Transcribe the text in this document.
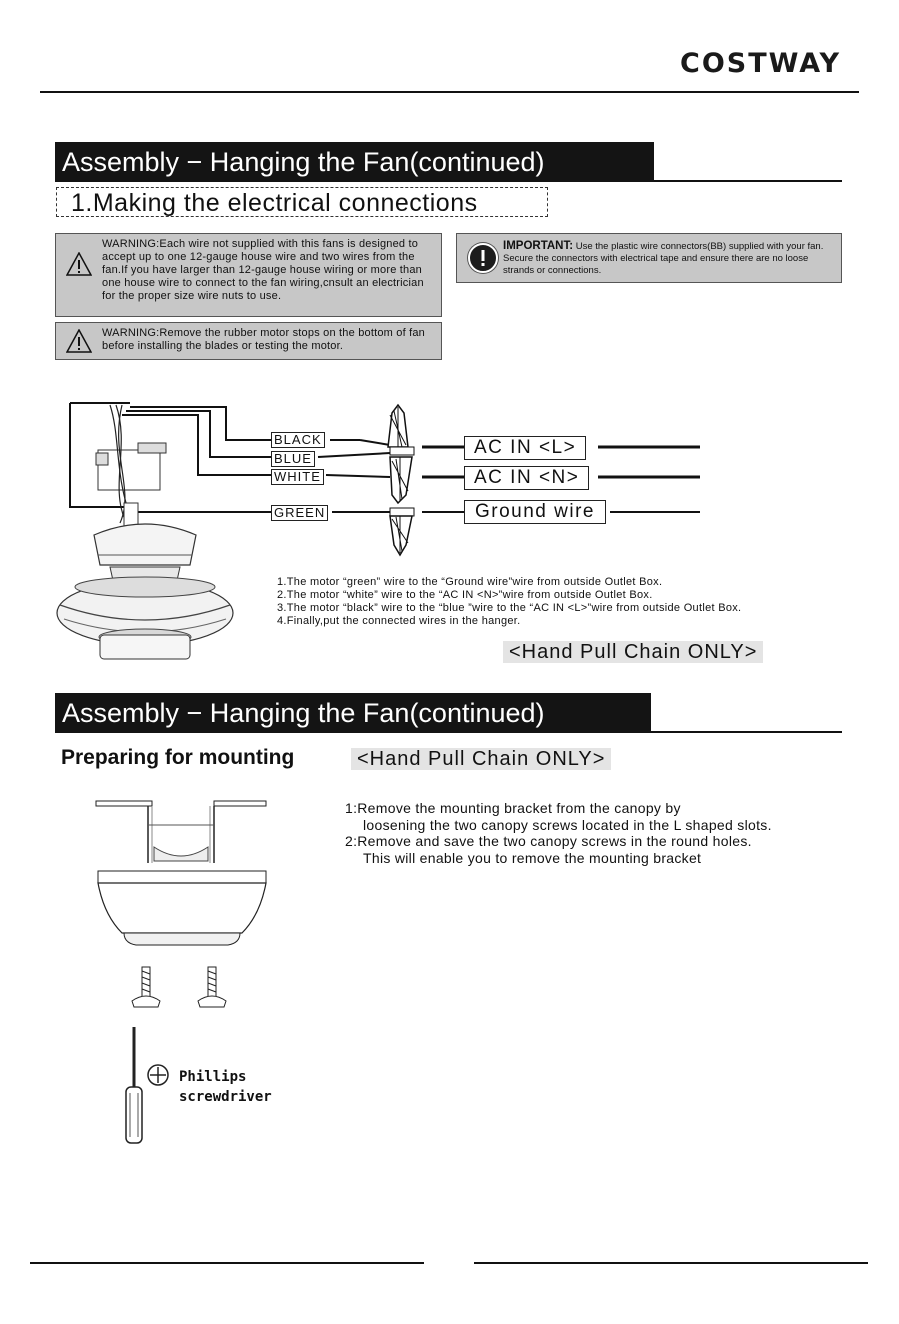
COSTWAY
Assembly − Hanging the Fan(continued)
1.Making the electrical connections
WARNING:Each wire not supplied with this fans is designed to accept up to one 12-gauge house wire and two wires from the fan.If you have larger than 12-gauge house wiring or more than one house wire to connect to the fan wiring,cnsult an electrician for the proper size wire nuts to use.
WARNING:Remove the rubber motor stops on the bottom of fan before installing the blades or testing the motor.
IMPORTANT: Use the plastic wire connectors(BB) supplied with your fan. Secure the connectors with electrical tape and ensure there are no loose strands or connections.
BLACK
BLUE
WHITE
GREEN
AC IN <L>
AC IN <N>
Ground wire
1.The motor “green” wire to the “Ground wire”wire from outside Outlet Box.
2.The motor “white” wire to the “AC IN <N>”wire from outside Outlet Box.
3.The motor “black” wire to the “blue ”wire to the “AC IN <L>”wire from outside Outlet Box.
4.Finally,put the connected wires in the hanger.
<Hand Pull Chain ONLY>
Assembly − Hanging the Fan(continued)
Preparing for mounting	<Hand Pull Chain ONLY>
1:Remove the mounting bracket from the canopy by
loosening the two canopy screws located in the L shaped slots.
2:Remove and save the two canopy screws in the round holes.
This will enable you to remove the mounting bracket
Phillips
screwdriver
